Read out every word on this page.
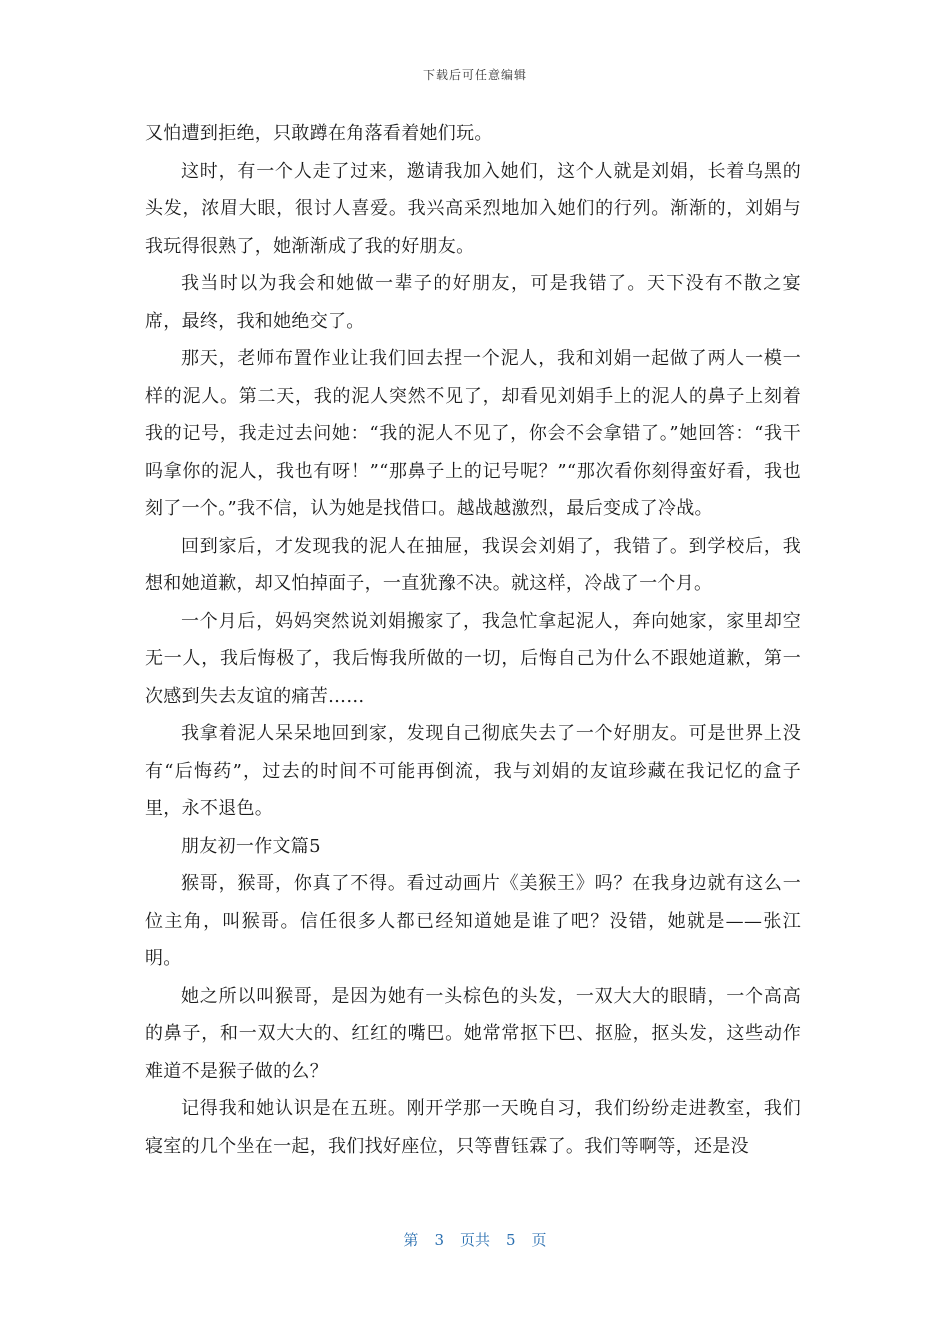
下载后可任意编辑

又怕遭到拒绝，只敢蹲在角落看着她们玩。

这时，有一个人走了过来，邀请我加入她们，这个人就是刘娟，长着乌黑的头发，浓眉大眼，很讨人喜爱。我兴高采烈地加入她们的行列。渐渐的，刘娟与我玩得很熟了，她渐渐成了我的好朋友。

我当时以为我会和她做一辈子的好朋友，可是我错了。天下没有不散之宴席，最终，我和她绝交了。

那天，老师布置作业让我们回去捏一个泥人，我和刘娟一起做了两人一模一样的泥人。第二天，我的泥人突然不见了，却看见刘娟手上的泥人的鼻子上刻着我的记号，我走过去问她：“我的泥人不见了，你会不会拿错了。”她回答：“我干吗拿你的泥人，我也有呀！”“那鼻子上的记号呢？”“那次看你刻得蛮好看，我也刻了一个。”我不信，认为她是找借口。越战越激烈，最后变成了冷战。

回到家后，才发现我的泥人在抽屉，我误会刘娟了，我错了。到学校后，我想和她道歉，却又怕掉面子，一直犹豫不决。就这样，冷战了一个月。

一个月后，妈妈突然说刘娟搬家了，我急忙拿起泥人，奔向她家，家里却空无一人，我后悔极了，我后悔我所做的一切，后悔自己为什么不跟她道歉，第一次感到失去友谊的痛苦……

我拿着泥人呆呆地回到家，发现自己彻底失去了一个好朋友。可是世界上没有“后悔药”，过去的时间不可能再倒流，我与刘娟的友谊珍藏在我记忆的盒子里，永不退色。

朋友初一作文篇5

猴哥，猴哥，你真了不得。看过动画片《美猴王》吗？在我身边就有这么一位主角，叫猴哥。信任很多人都已经知道她是谁了吧？没错，她就是——张江明。

她之所以叫猴哥，是因为她有一头棕色的头发，一双大大的眼睛，一个高高的鼻子，和一双大大的、红红的嘴巴。她常常抠下巴、抠脸，抠头发，这些动作难道不是猴子做的么？

记得我和她认识是在五班。刚开学那一天晚自习，我们纷纷走进教室，我们寝室的几个坐在一起，我们找好座位，只等曹钰霖了。我们等啊等，还是没

第 3 页共 5 页
